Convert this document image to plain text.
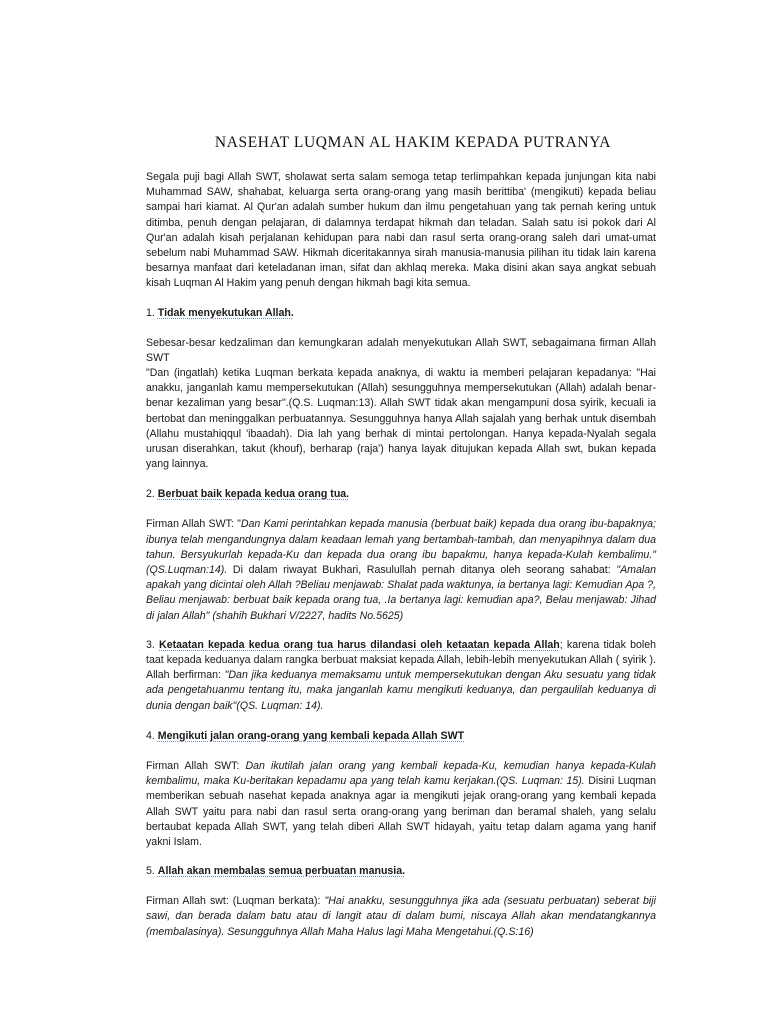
NASEHAT LUQMAN AL HAKIM KEPADA PUTRANYA

Segala puji bagi Allah SWT, sholawat serta salam semoga tetap terlimpahkan kepada junjungan kita nabi Muhammad SAW, shahabat, keluarga serta orang-orang yang masih berittiba' (mengikuti) kepada beliau sampai hari kiamat. Al Qur'an adalah sumber hukum dan ilmu pengetahuan yang tak pernah kering untuk ditimba, penuh dengan pelajaran, di dalamnya terdapat hikmah dan teladan. Salah satu isi pokok dari Al Qur'an adalah kisah perjalanan kehidupan para nabi dan rasul serta orang-orang saleh dari umat-umat sebelum nabi Muhammad SAW. Hikmah diceritakannya sirah manusia-manusia pilihan itu tidak lain karena besarnya manfaat dari keteladanan iman, sifat dan akhlaq mereka. Maka disini akan saya angkat sebuah kisah Luqman Al Hakim yang penuh dengan hikmah bagi kita semua.

1. Tidak menyekutukan Allah.

Sebesar-besar kedzaliman dan kemungkaran adalah menyekutukan Allah SWT, sebagaimana firman Allah SWT

"Dan (ingatlah) ketika Luqman berkata kepada anaknya, di waktu ia memberi pelajaran kepadanya: "Hai anakku, janganlah kamu mempersekutukan (Allah) sesungguhnya mempersekutukan (Allah) adalah benar-benar kezaliman yang besar".(Q.S. Luqman:13). Allah SWT tidak akan mengampuni dosa syirik, kecuali ia bertobat dan meninggalkan perbuatannya. Sesungguhnya hanya Allah sajalah yang berhak untuk disembah (Allahu mustahiqqul 'ibaadah). Dia lah yang berhak di mintai pertolongan. Hanya kepada-Nyalah segala urusan diserahkan, takut (khouf), berharap (raja') hanya layak ditujukan kepada Allah swt, bukan kepada yang lainnya.

2. Berbuat baik kepada kedua orang tua.

Firman Allah SWT: "Dan Kami perintahkan kepada manusia (berbuat baik) kepada dua orang ibu-bapaknya; ibunya telah mengandungnya dalam keadaan lemah yang bertambah-tambah, dan menyapihnya dalam dua tahun. Bersyukurlah kepada-Ku dan kepada dua orang ibu bapakmu, hanya kepada-Kulah kembalimu."(QS.Luqman:14). Di dalam riwayat Bukhari, Rasulullah pernah ditanya oleh seorang sahabat: "Amalan apakah yang dicintai oleh Allah ?Beliau menjawab: Shalat pada waktunya, ia bertanya lagi: Kemudian Apa ?, Beliau menjawab: berbuat baik kepada orang tua, .Ia bertanya lagi: kemudian apa?, Belau menjawab: Jihad di jalan Allah" (shahih Bukhari V/2227, hadits No.5625)

3. Ketaatan kepada kedua orang tua harus dilandasi oleh ketaatan kepada Allah; karena tidak boleh taat kepada keduanya dalam rangka berbuat maksiat kepada Allah, lebih-lebih menyekutukan Allah ( syirik ). Allah berfirman: "Dan jika keduanya memaksamu untuk mempersekutukan dengan Aku sesuatu yang tidak ada pengetahuanmu tentang itu, maka janganlah kamu mengikuti keduanya, dan pergaulilah keduanya di dunia dengan baik"(QS. Luqman: 14).

4. Mengikuti jalan orang-orang yang kembali kepada Allah SWT

Firman Allah SWT: Dan ikutilah jalan orang yang kembali kepada-Ku, kemudian hanya kepada-Kulah kembalimu, maka Ku-beritakan kepadamu apa yang telah kamu kerjakan.(QS. Luqman: 15). Disini Luqman memberikan sebuah nasehat kepada anaknya agar ia mengikuti jejak orang-orang yang kembali kepada Allah SWT yaitu para nabi dan rasul serta orang-orang yang beriman dan beramal shaleh, yang selalu bertaubat kepada Allah SWT, yang telah diberi Allah SWT hidayah, yaitu tetap dalam agama yang hanif yakni Islam.

5. Allah akan membalas semua perbuatan manusia.

Firman Allah swt: (Luqman berkata): "Hai anakku, sesungguhnya jika ada (sesuatu perbuatan) seberat biji sawi, dan berada dalam batu atau di langit atau di dalam bumi, niscaya Allah akan mendatangkannya (membalasinya). Sesungguhnya Allah Maha Halus lagi Maha Mengetahui.(Q.S:16)
